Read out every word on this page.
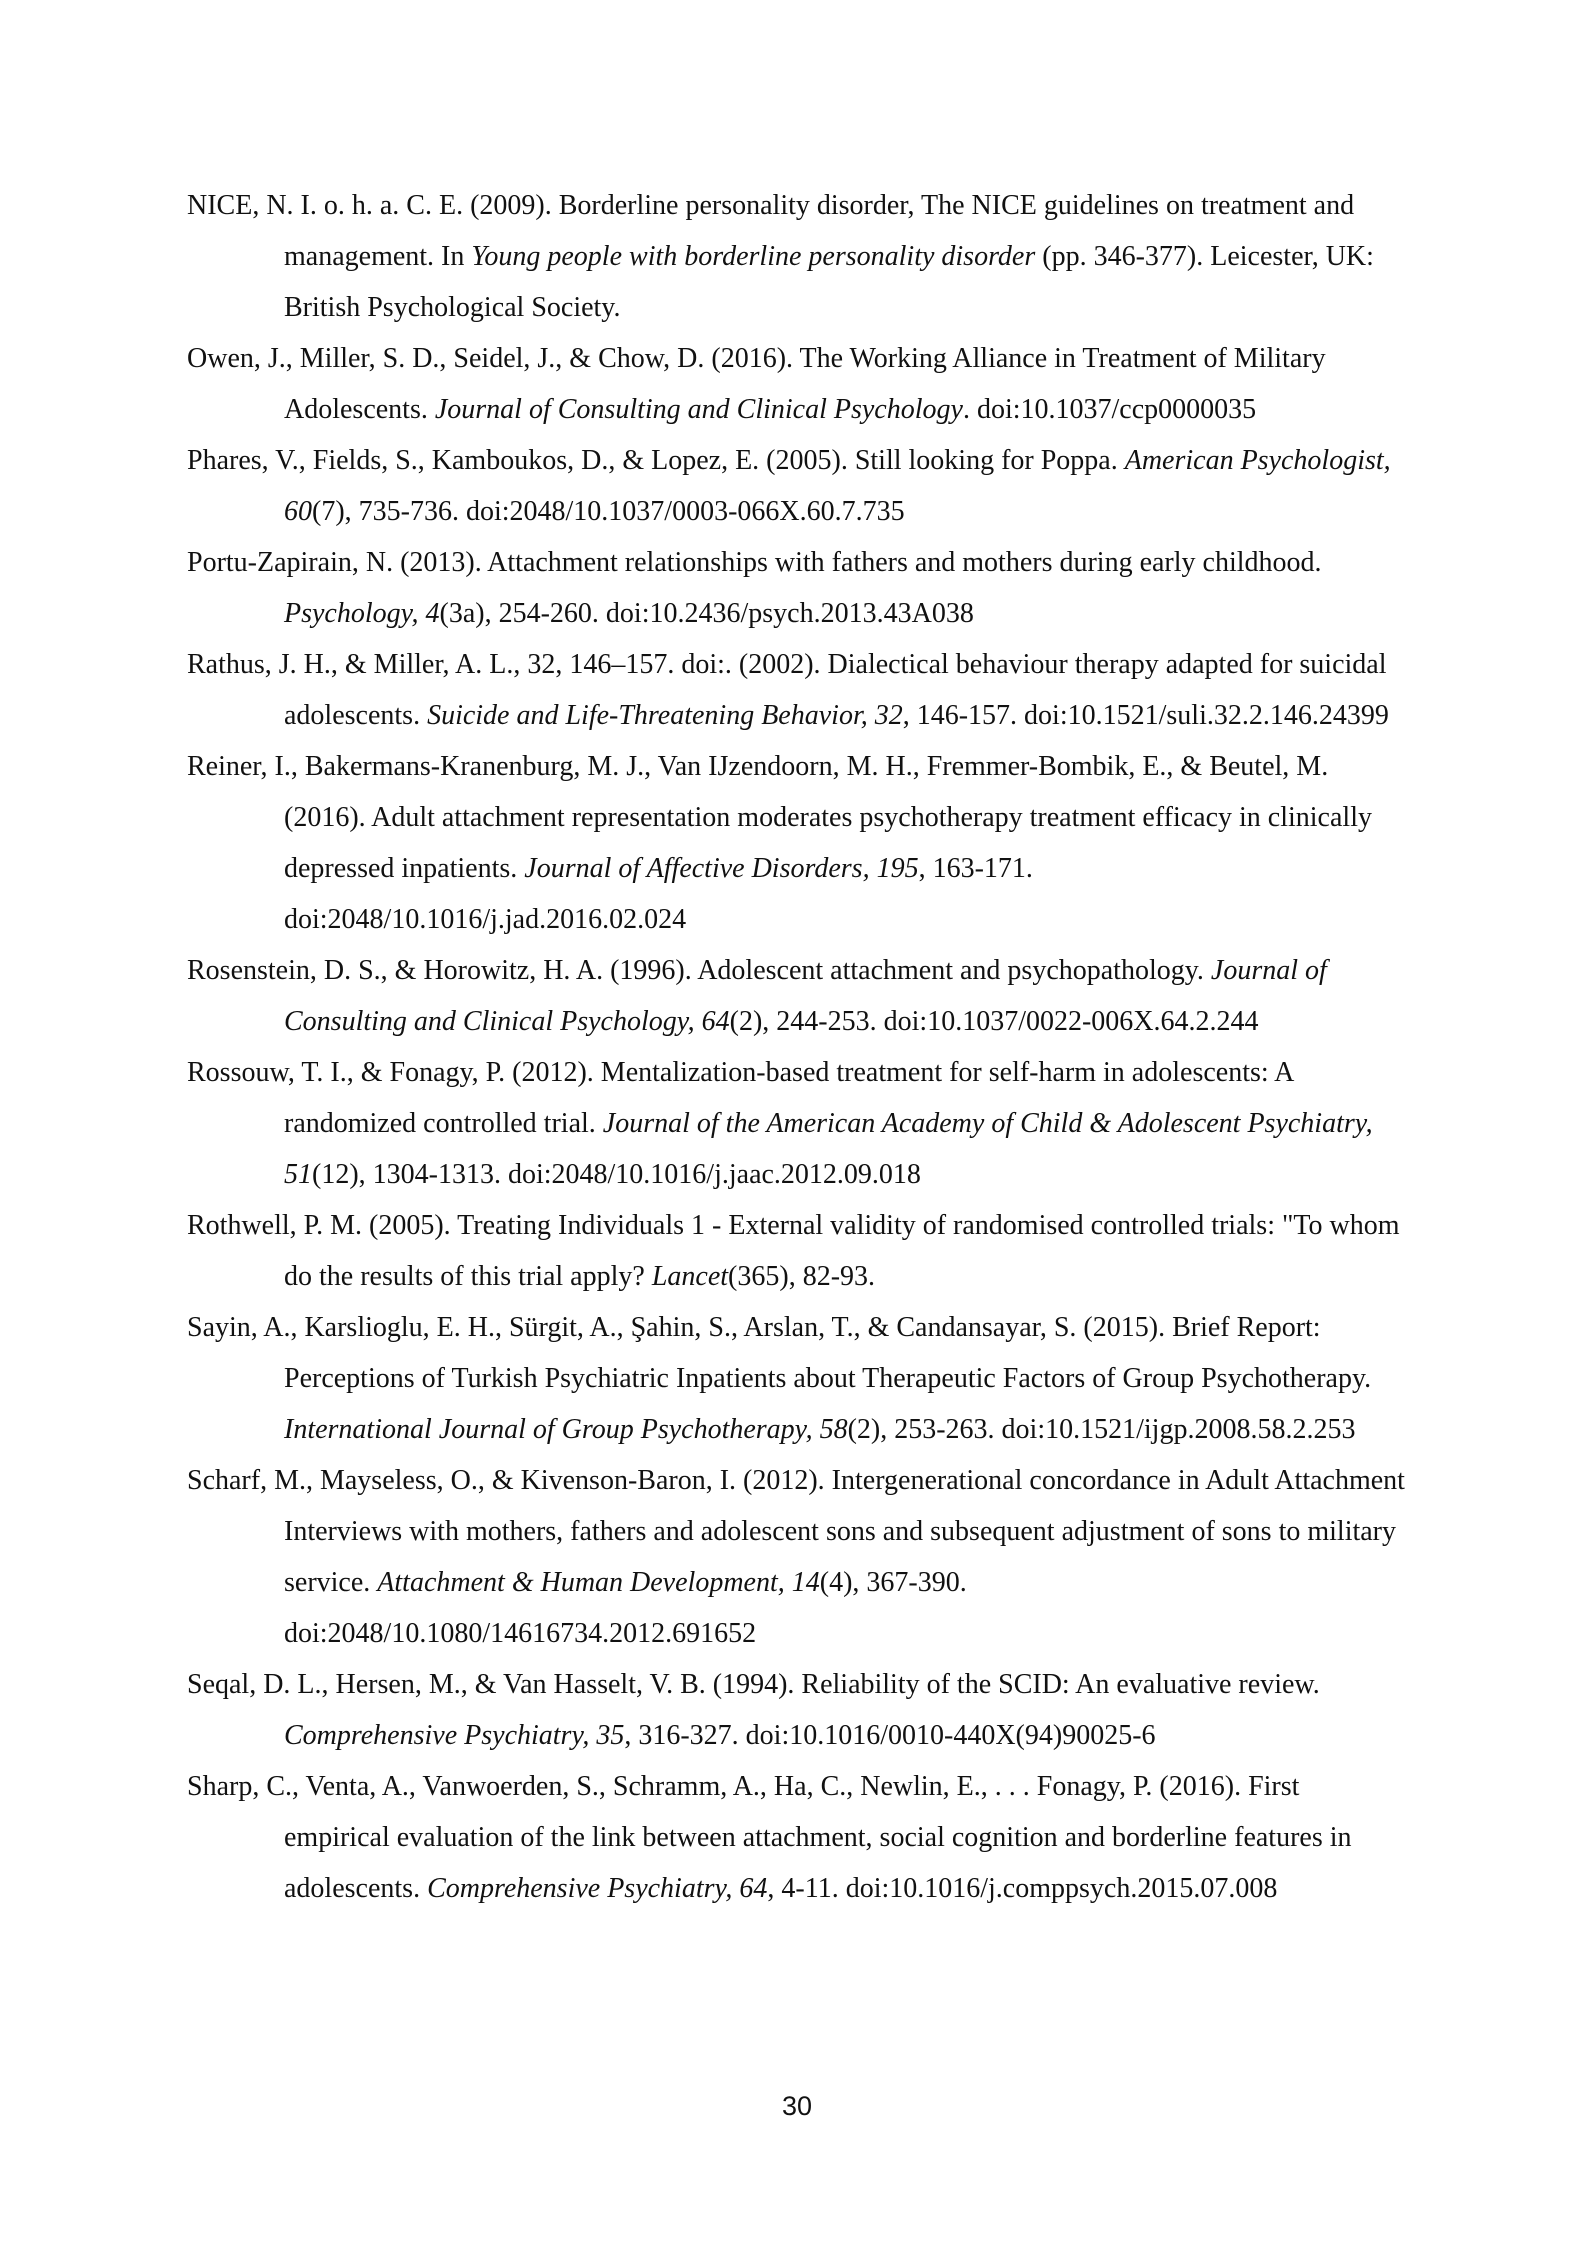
NICE, N. I. o. h. a. C. E. (2009). Borderline personality disorder, The NICE guidelines on treatment and management. In Young people with borderline personality disorder (pp. 346-377). Leicester, UK: British Psychological Society.

Owen, J., Miller, S. D., Seidel, J., & Chow, D. (2016). The Working Alliance in Treatment of Military Adolescents. Journal of Consulting and Clinical Psychology. doi:10.1037/ccp0000035

Phares, V., Fields, S., Kamboukos, D., & Lopez, E. (2005). Still looking for Poppa. American Psychologist, 60(7), 735-736. doi:2048/10.1037/0003-066X.60.7.735

Portu-Zapirain, N. (2013). Attachment relationships with fathers and mothers during early childhood. Psychology, 4(3a), 254-260. doi:10.2436/psych.2013.43A038

Rathus, J. H., & Miller, A. L., 32, 146–157. doi:. (2002). Dialectical behaviour therapy adapted for suicidal adolescents. Suicide and Life-Threatening Behavior, 32, 146-157. doi:10.1521/suli.32.2.146.24399

Reiner, I., Bakermans-Kranenburg, M. J., Van IJzendoorn, M. H., Fremmer-Bombik, E., & Beutel, M. (2016). Adult attachment representation moderates psychotherapy treatment efficacy in clinically depressed inpatients. Journal of Affective Disorders, 195, 163-171. doi:2048/10.1016/j.jad.2016.02.024

Rosenstein, D. S., & Horowitz, H. A. (1996). Adolescent attachment and psychopathology. Journal of Consulting and Clinical Psychology, 64(2), 244-253. doi:10.1037/0022-006X.64.2.244

Rossouw, T. I., & Fonagy, P. (2012). Mentalization-based treatment for self-harm in adolescents: A randomized controlled trial. Journal of the American Academy of Child & Adolescent Psychiatry, 51(12), 1304-1313. doi:2048/10.1016/j.jaac.2012.09.018

Rothwell, P. M. (2005). Treating Individuals 1 - External validity of randomised controlled trials: "To whom do the results of this trial apply? Lancet(365), 82-93.

Sayin, A., Karslioglu, E. H., Sürgit, A., Şahin, S., Arslan, T., & Candansayar, S. (2015). Brief Report: Perceptions of Turkish Psychiatric Inpatients about Therapeutic Factors of Group Psychotherapy. International Journal of Group Psychotherapy, 58(2), 253-263. doi:10.1521/ijgp.2008.58.2.253

Scharf, M., Mayseless, O., & Kivenson-Baron, I. (2012). Intergenerational concordance in Adult Attachment Interviews with mothers, fathers and adolescent sons and subsequent adjustment of sons to military service. Attachment & Human Development, 14(4), 367-390. doi:2048/10.1080/14616734.2012.691652

Seqal, D. L., Hersen, M., & Van Hasselt, V. B. (1994). Reliability of the SCID: An evaluative review. Comprehensive Psychiatry, 35, 316-327. doi:10.1016/0010-440X(94)90025-6

Sharp, C., Venta, A., Vanwoerden, S., Schramm, A., Ha, C., Newlin, E., . . . Fonagy, P. (2016). First empirical evaluation of the link between attachment, social cognition and borderline features in adolescents. Comprehensive Psychiatry, 64, 4-11. doi:10.1016/j.comppsych.2015.07.008

30
